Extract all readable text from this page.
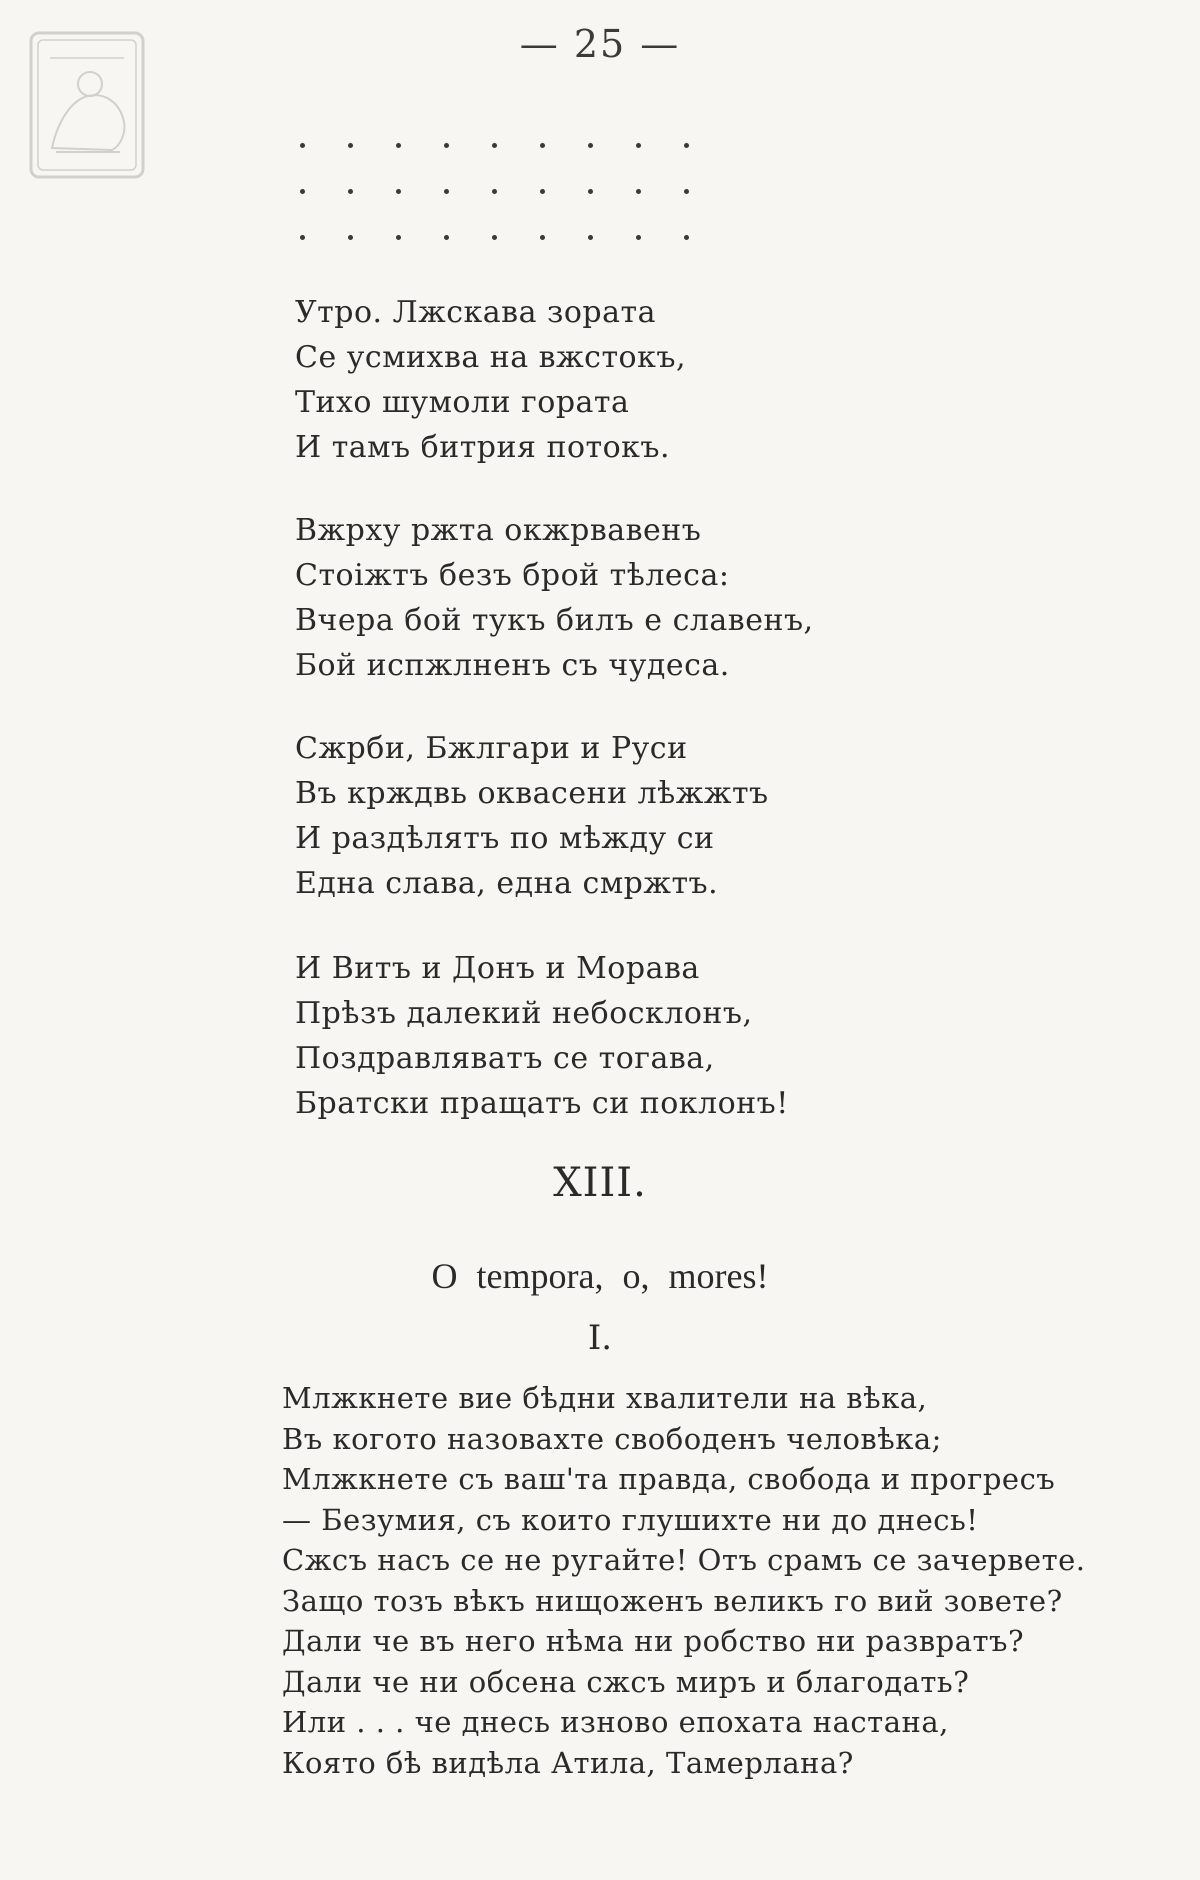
— 25 —
Утро. Лжскава зората
Се усмихва на вжстокъ,
Тихо шумоли гората
И тамъ битрия потокъ.
Вжрху ржта окжрвавенъ
Стоіжтъ безъ брой тѣлеса:
Вчера бой тукъ билъ е славенъ,
Бой испжлненъ съ чудеса.
Сжрби, Бжлгари и Руси
Въ крждвь оквасени лѣжжтъ
И раздѣлятъ по мѣжду си
Една слава, една смржтъ.
И Витъ и Донъ и Морава
Прѣзъ далекий небосклонъ,
Поздравляватъ се тогава,
Братски пращатъ си поклонъ!
XIII.
O tempora, o, mores!
I.
Млжкнете вие бѣдни хвалители на вѣка,
Въ когото назовахте свободенъ человѣка;
Млжкнете съ ваш'та правда, свобода и прогресъ
— Безумия, съ които глушихте ни до днесь!
Сжсъ насъ се не ругайте! Отъ срамъ се зачервете.
Защо тозъ вѣкъ нищоженъ великъ го вий зовете?
Дали че въ него нѣма ни робство ни развратъ?
Дали че ни обсена сжсъ миръ и благодать?
Или . . . че днесь изново епохата настана,
Която бѣ видѣла Атила, Тамерлана?
